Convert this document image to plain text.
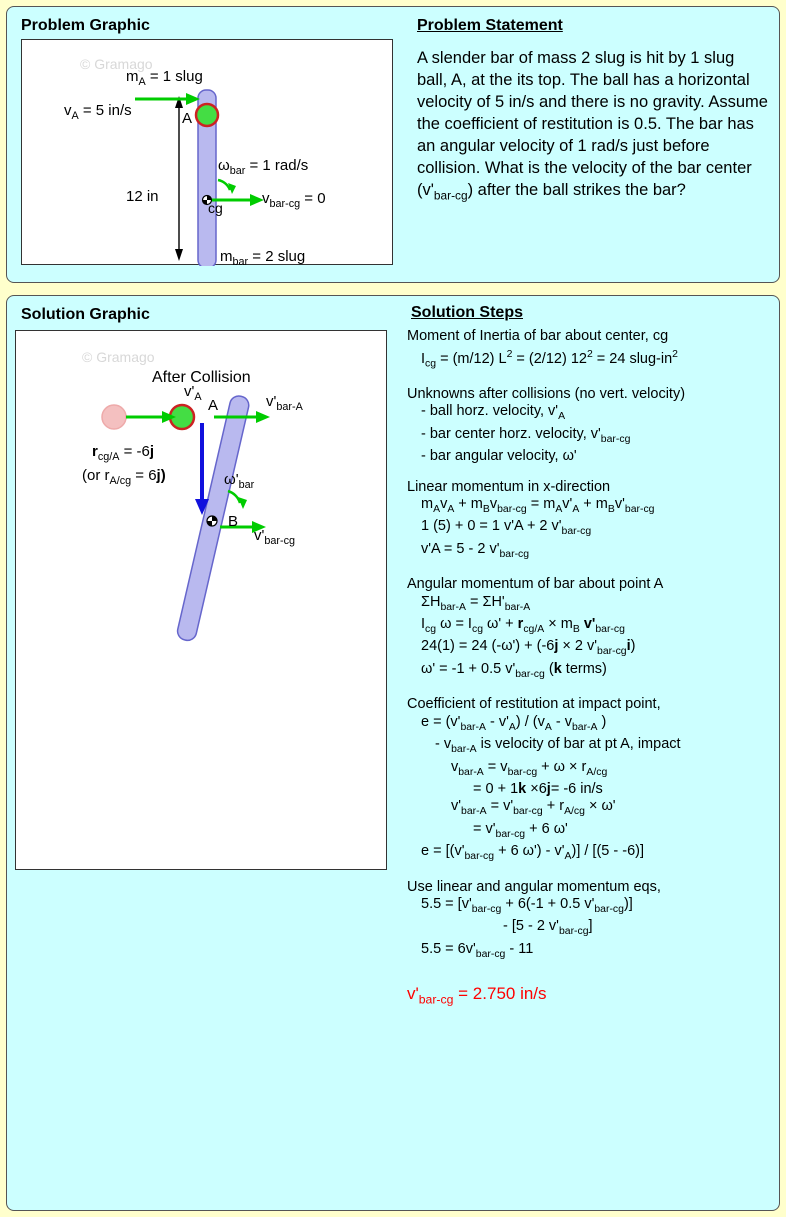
Problem Graphic
© Gramago
$m_A = 1$ slug
$v_A = 5$ in/s	A
$\omega_{bar} = 1$ rad/s
$v_{bar-cg} = 0$
cg
12 in
$m_{bar} = 2$ slug
Problem Statement
A slender bar of mass 2 slug is hit by 1 slug ball, A, at the its top. The ball has a horizontal velocity of 5 in/s and there is no gravity. Assume the coefficient of restitution is 0.5. The bar has an angular velocity of 1 rad/s just before collision. What is the velocity of the bar center $(v'_{bar-cg})$ after the ball strikes the bar?
Solution Graphic
© Gramago
After Collision
$v'_A$ A	$v'_{bar-A}$
$r_{cg/A} = -6j$
(or $r_{A/cg} = 6j$)	$\omega'_{bar}$
B
$v'_{bar-cg}$
Solution Steps
Moment of Inertia of bar about center, cg
$I_{cg} = (m/12) L^2 = (2/12) 12^2 = 24$ slug-$in^2$
Unknowns after collisions (no vert. velocity)
- ball horz. velocity, $v'_A$
- bar center horz. velocity, $v'_{bar-cg}$
- bar angular velocity, ω'
Linear momentum in x-direction
$m_Av_A + m_Bv_{bar-cg} = m_Av'_A + m_Bv'_{bar-cg}$
1 (5) + 0 = 1 v'A + 2 $v'_{bar-cg}$
v'A = 5 - 2 $v'_{bar-cg}$
Angular momentum of bar about point A
$\Sigma H_{bar-A} = \Sigma H'_{bar-A}$
$I_{cg}$ $\omega = I_{cg}$ $\omega' + r_{cg/A} \times m_B$ $v'_{bar-cg}$
24(1) = 24 (-ω') + (-6j × 2 $v'_{bar-cg}i$)
ω' = -1 + 0.5 $v'_{bar-cg}$ (k terms)
Coefficient of restitution at impact point,
$e = (v'_{bar-A} - v'_A) / (v_A - v_{bar-A}$ )
- $v_{bar-A}$ is velocity of bar at pt A, impact
$v_{bar-A} = v_{bar-cg} + \omega \times r_{A/cg}$
= 0 + 1k ×6j= -6 in/s
$v'_{bar-A} = v'_{bar-cg} + r_{A/cg} \times \omega'$
= $v'_{bar-cg} + 6$ ω'
$e = [(v'_{bar-cg} + 6$ $\omega') - v'_A)] / [(5 - -6)]$
Use linear and angular momentum eqs,
$5.5 = [v'_{bar-cg} + 6(-1 + 0.5$ $v'_{bar-cg}$)]
- [5 - 2 $v'_{bar-cg}$]
$5.5 = 6v'_{bar-cg} - 11$
$v'_{bar-cg} = 2.750$ in/s
